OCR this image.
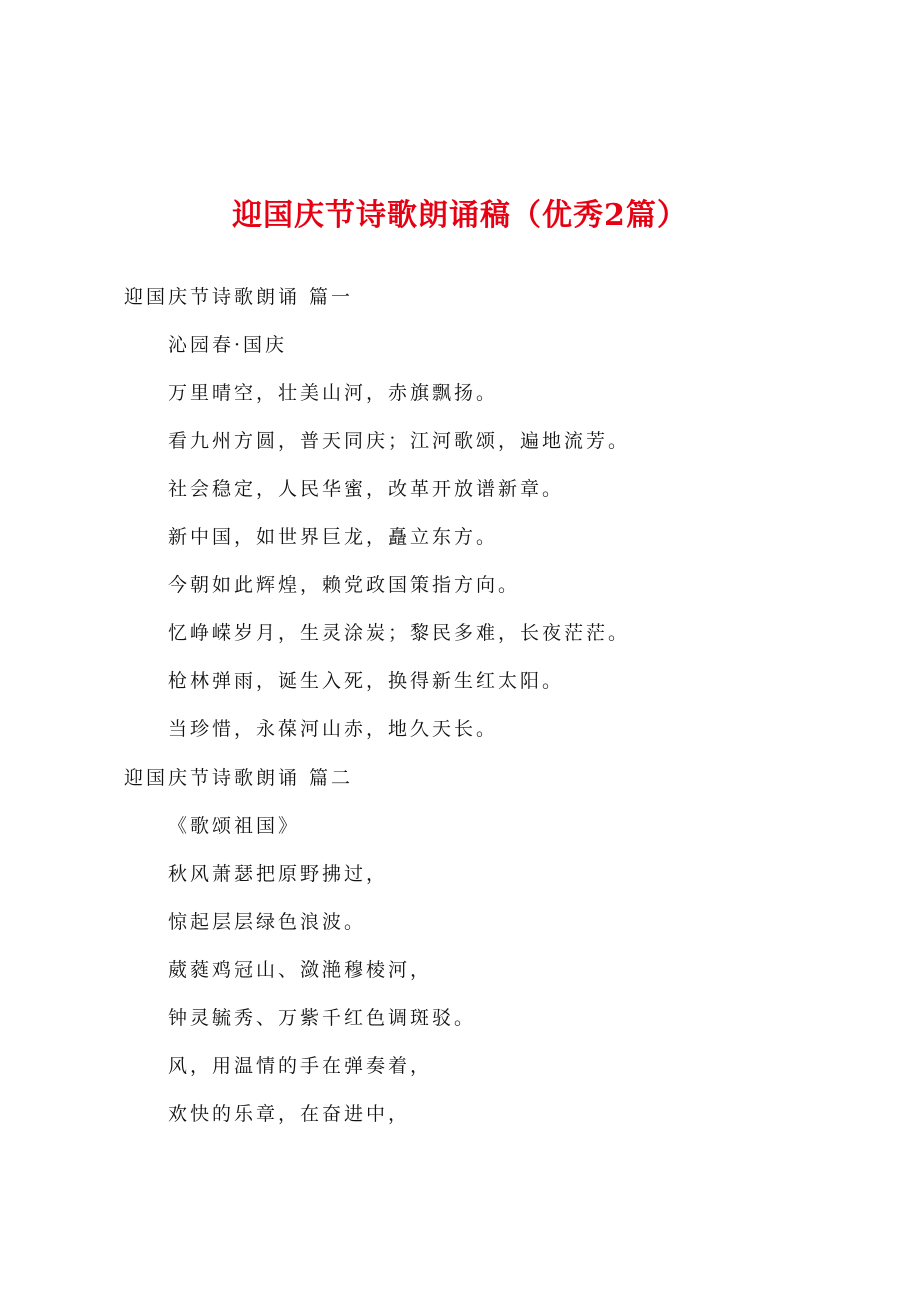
迎国庆节诗歌朗诵稿（优秀2篇）
迎国庆节诗歌朗诵 篇一
沁园春·国庆
万里晴空，壮美山河，赤旗飘扬。
看九州方圆，普天同庆；江河歌颂，遍地流芳。
社会稳定，人民华蜜，改革开放谱新章。
新中国，如世界巨龙，矗立东方。
今朝如此辉煌，赖党政国策指方向。
忆峥嵘岁月，生灵涂炭；黎民多难，长夜茫茫。
枪林弹雨，诞生入死，换得新生红太阳。
当珍惜，永葆河山赤，地久天长。
迎国庆节诗歌朗诵 篇二
《歌颂祖国》
秋风萧瑟把原野拂过，
惊起层层绿色浪波。
葳蕤鸡冠山、潋滟穆棱河，
钟灵毓秀、万紫千红色调斑驳。
风，用温情的手在弹奏着，
欢快的乐章，在奋进中，
